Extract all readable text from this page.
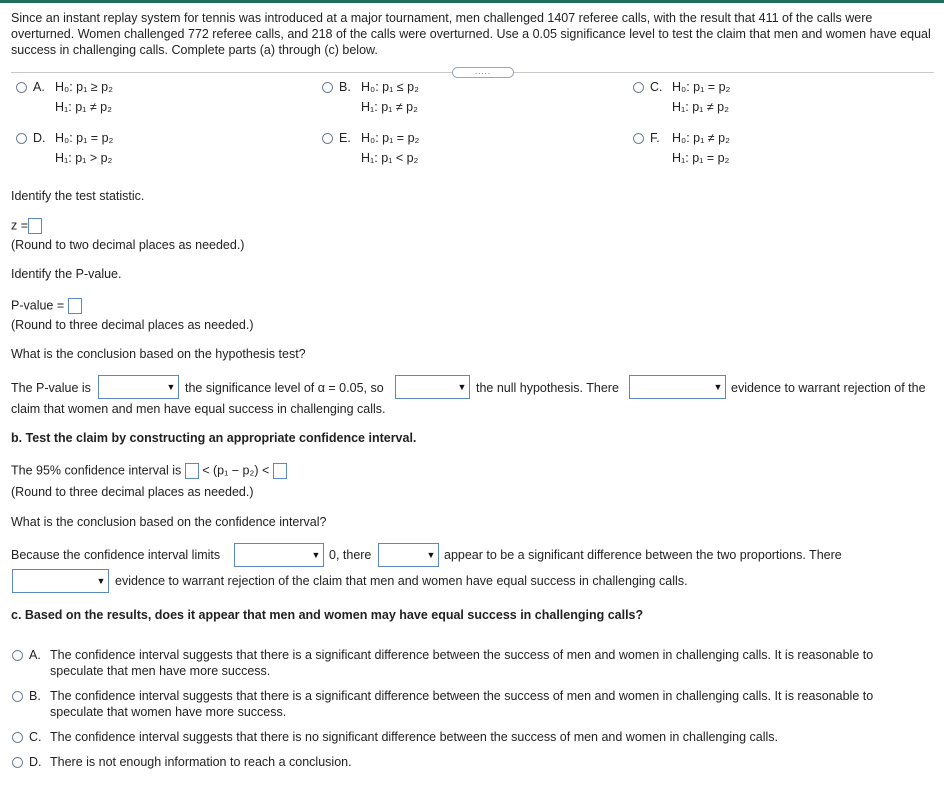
Since an instant replay system for tennis was introduced at a major tournament, men challenged 1407 referee calls, with the result that 411 of the calls were overturned. Women challenged 772 referee calls, and 218 of the calls were overturned. Use a 0.05 significance level to test the claim that men and women have equal success in challenging calls. Complete parts (a) through (c) below.
.....
A. H₀: p₁ ≥ p₂
H₁: p₁ ≠ p₂
B. H₀: p₁ ≤ p₂
H₁: p₁ ≠ p₂
C. H₀: p₁ = p₂
H₁: p₁ ≠ p₂
D. H₀: p₁ = p₂
H₁: p₁ > p₂
E. H₀: p₁ = p₂
H₁: p₁ < p₂
F. H₀: p₁ ≠ p₂
H₁: p₁ = p₂
Identify the test statistic.
z =
(Round to two decimal places as needed.)
Identify the P-value.
P-value =
(Round to three decimal places as needed.)
What is the conclusion based on the hypothesis test?
The P-value is	▼ the significance level of α = 0.05, so	▼ the null hypothesis. There	▼ evidence to warrant rejection of the
claim that women and men have equal success in challenging calls.
b. Test the claim by constructing an appropriate confidence interval.
The 95% confidence interval is < (p₁ − p₂) <
(Round to three decimal places as needed.)
What is the conclusion based on the confidence interval?
Because the confidence interval limits	▼ 0, there	▼ appear to be a significant difference between the two proportions. There
▼ evidence to warrant rejection of the claim that men and women have equal success in challenging calls.
c. Based on the results, does it appear that men and women may have equal success in challenging calls?
A. The confidence interval suggests that there is a significant difference between the success of men and women in challenging calls. It is reasonable to speculate that men have more success.
B. The confidence interval suggests that there is a significant difference between the success of men and women in challenging calls. It is reasonable to speculate that women have more success.
C. The confidence interval suggests that there is no significant difference between the success of men and women in challenging calls.
D. There is not enough information to reach a conclusion.
